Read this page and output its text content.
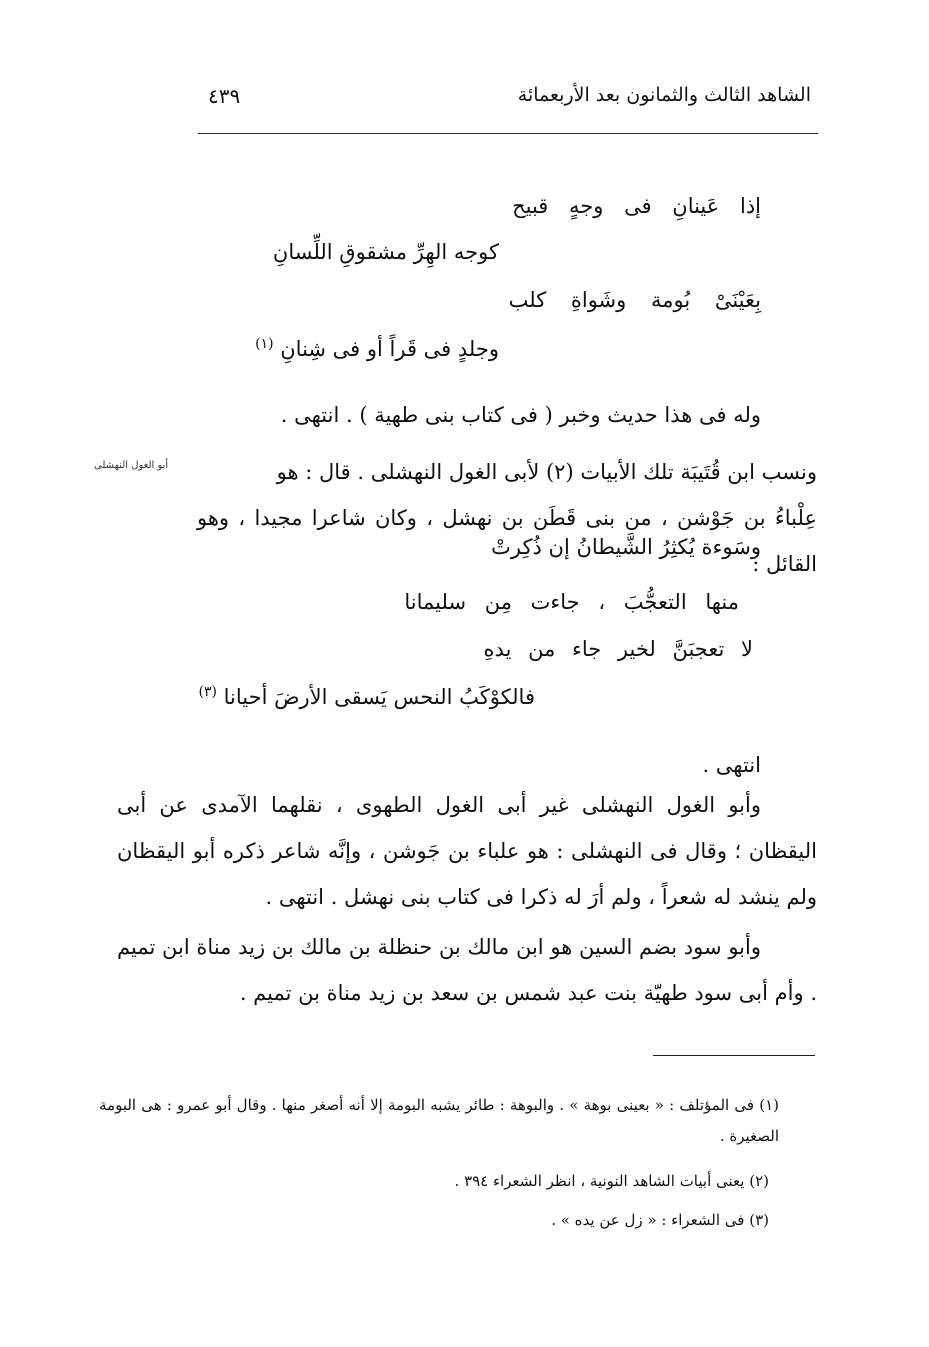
الشاهد الثالث والثمانون بعد الأربعمائة
٤٣٩
إذا عَينانِ فى وجهٍ قبيح
كوجه الهِرِّ مشقوقِ اللِّسانِ
بِعَيْنَىْ بُومة وشَواةِ كلب
وجلدٍ فى قَراً أو فى شِنانِ $^{(١)}$
وله فى هذا حديث وخبر ( فى كتاب بنى طهية ) . انتهى .
ونسب ابن قُتَيبَة تلك الأبيات (٢) لأبى الغول النهشلى . قال : هو
عِلْباءُ بن جَوْشن ، من بنى قَطَن بن نهشل ، وكان شاعرا مجيدا ، وهو القائل :
أبو الغول النهشلى
وسَوءة يُكثِرُ الشَّيطانُ إن ذُكِرتْ
منها التعجُّبَ ، جاءت مِن سليمانا
لا تعجبَنَّ لخير جاء من يدهِ
فالكوْكَبُ النحس يَسقى الأرضَ أحيانا $^{(٣)}$
انتهى .
وأبو الغول النهشلى غير أبى الغول الطهوى ، نقلهما الآمدى عن أبى اليقظان ؛ وقال فى النهشلى : هو علباء بن جَوشن ، وإنَّه شاعر ذكره أبو اليقظان ولم ينشد له شعراً ، ولم أرَ له ذكرا فى كتاب بنى نهشل . انتهى .
وأبو سود بضم السين هو ابن مالك بن حنظلة بن مالك بن زيد مناة ابن تميم . وأم أبى سود طهيّة بنت عبد شمس بن سعد بن زيد مناة بن تميم .
(١) فى المؤتلف : « بعينى بوهة » . والبوهة : طائر يشبه البومة إلا أنه أصغر منها . وقال أبو عمرو : هى البومة الصغيرة .
(٢) يعنى أبيات الشاهد النونية ، انظر الشعراء ٣٩٤ .
(٣) فى الشعراء : « زل عن يده » .
